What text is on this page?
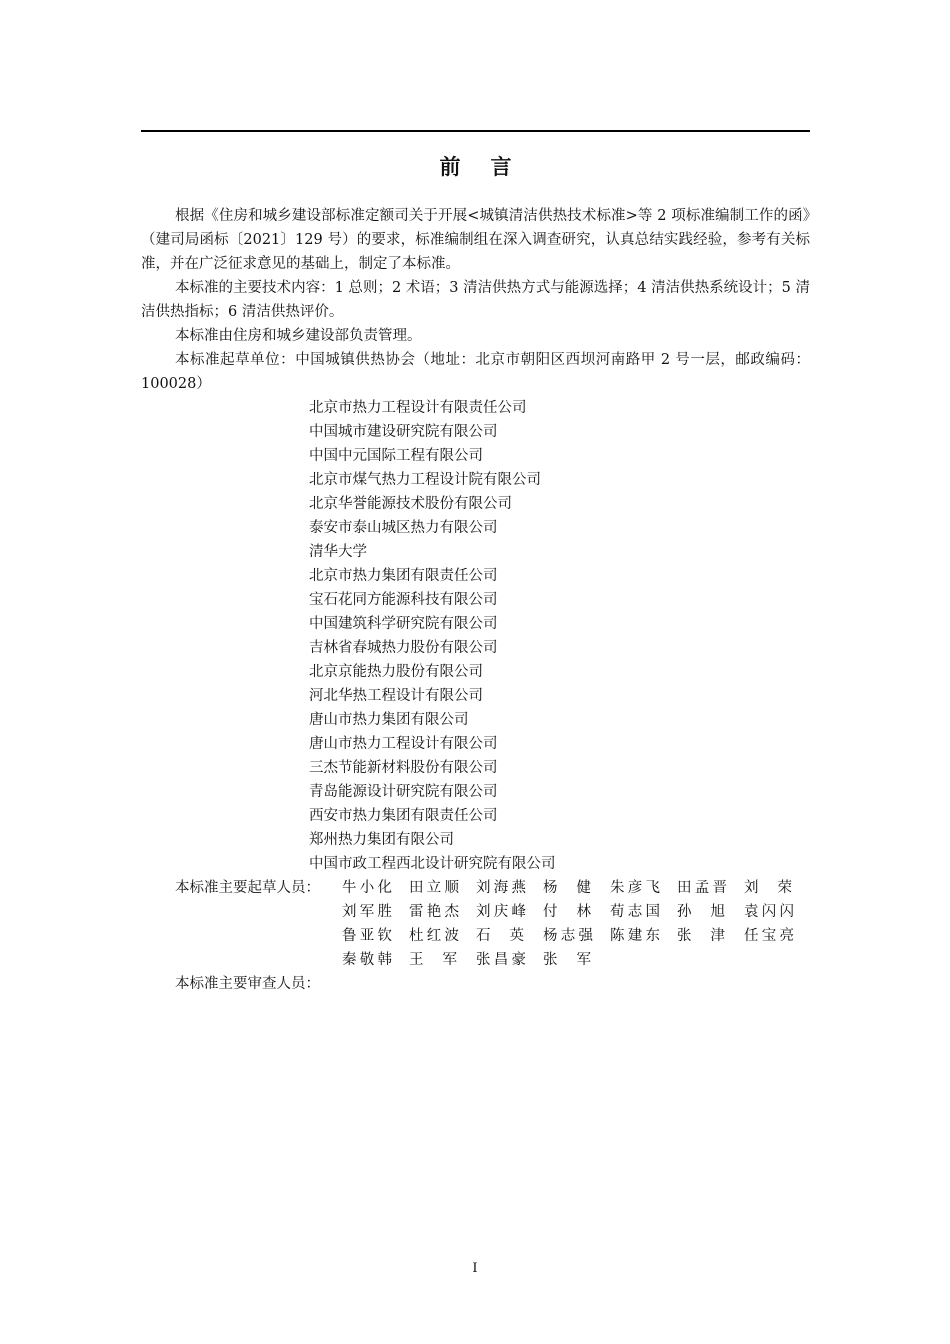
前 言

根据《住房和城乡建设部标准定额司关于开展<城镇清洁供热技术标准>等 2 项标准编制工作的函》（建司局函标〔2021〕129 号）的要求，标准编制组在深入调查研究，认真总结实践经验，参考有关标准，并在广泛征求意见的基础上，制定了本标准。

本标准的主要技术内容：1 总则；2 术语；3 清洁供热方式与能源选择；4 清洁供热系统设计；5 清洁供热指标；6 清洁供热评价。

本标准由住房和城乡建设部负责管理。

本标准起草单位：中国城镇供热协会（地址：北京市朝阳区西坝河南路甲 2 号一层，邮政编码：100028）

北京市热力工程设计有限责任公司
中国城市建设研究院有限公司
中国中元国际工程有限公司
北京市煤气热力工程设计院有限公司
北京华誉能源技术股份有限公司
泰安市泰山城区热力有限公司
清华大学
北京市热力集团有限责任公司
宝石花同方能源科技有限公司
中国建筑科学研究院有限公司
吉林省春城热力股份有限公司
北京京能热力股份有限公司
河北华热工程设计有限公司
唐山市热力集团有限公司
唐山市热力工程设计有限公司
三杰节能新材料股份有限公司
青岛能源设计研究院有限公司
西安市热力集团有限责任公司
郑州热力集团有限公司
中国市政工程西北设计研究院有限公司
本标准主要起草人员： 牛小化 田立顺 刘海燕 杨健 朱彦飞 田孟晋 刘荣
刘军胜 雷艳杰 刘庆峰 付林 荀志国 孙旭 袁闪闪
鲁亚钦 杜红波 石英 杨志强 陈建东 张津 任宝亮
秦敬韩 王军 张昌豪 张军
本标准主要审查人员：
I
